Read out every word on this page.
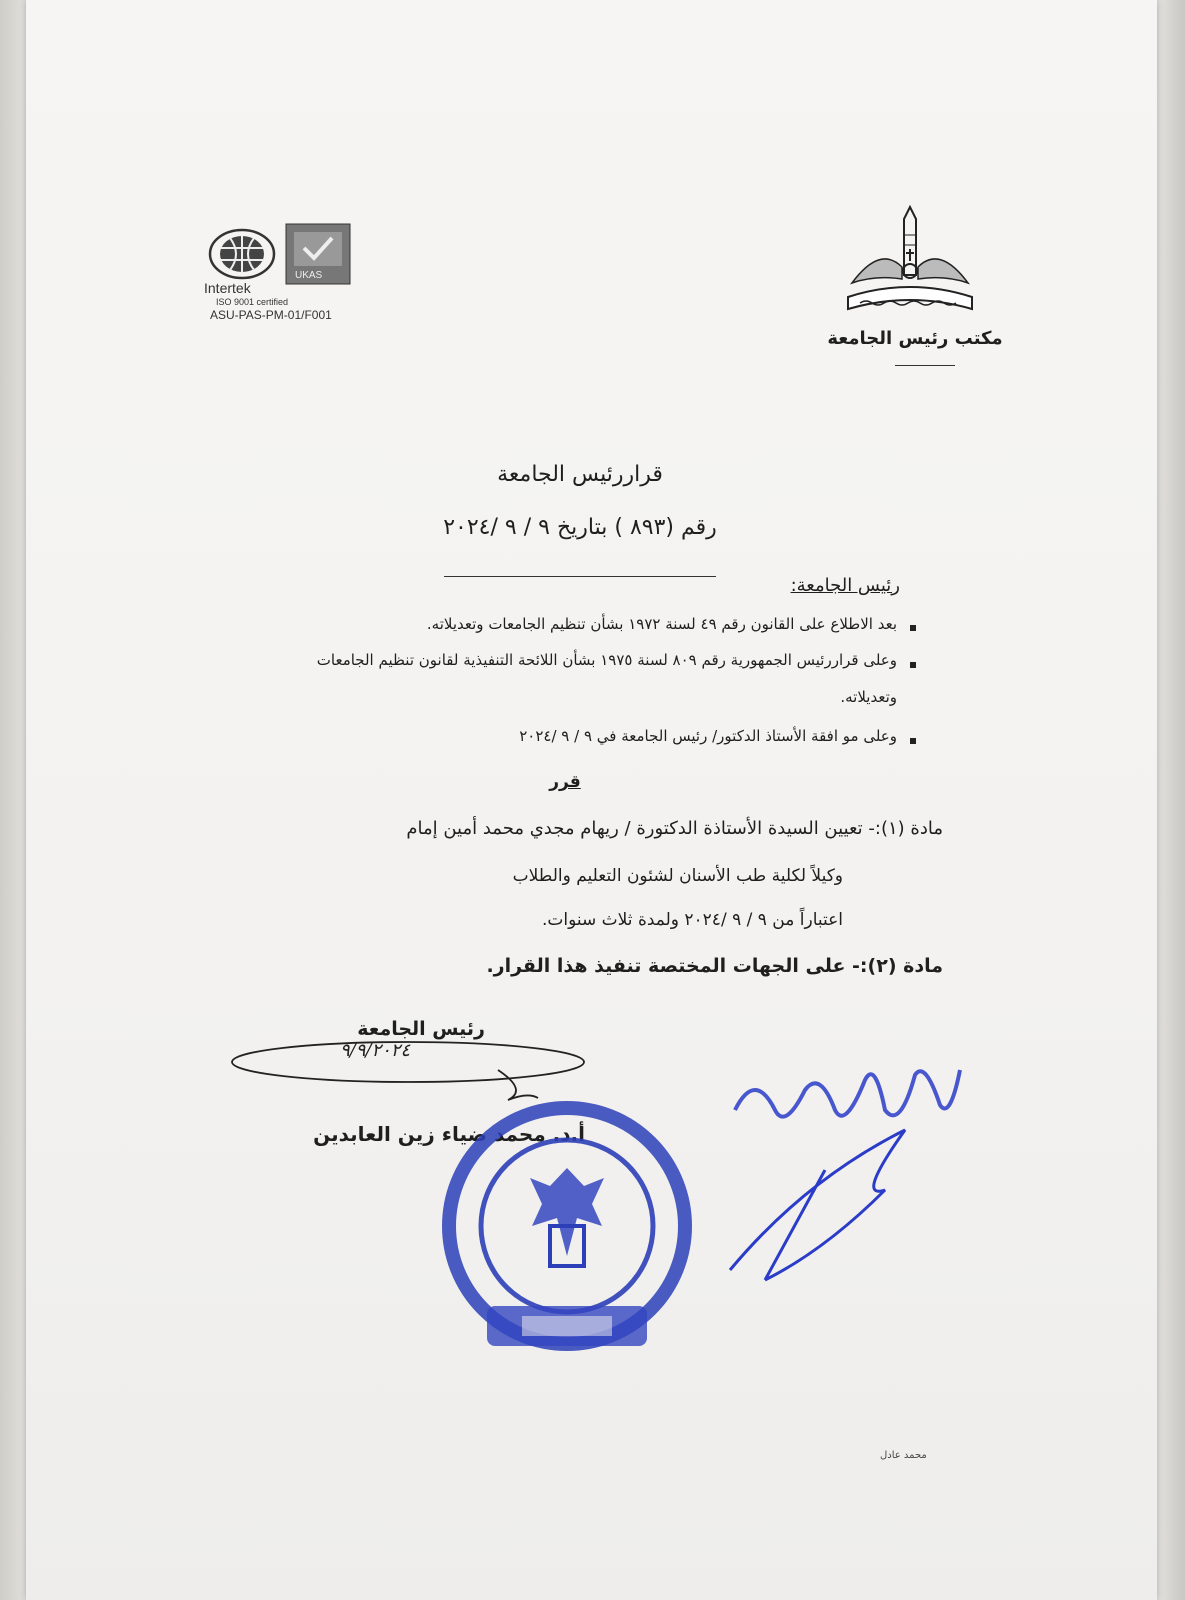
UKAS
Intertek
ISO 9001 certified
ASU-PAS-PM-01/F001
مكتب رئيس الجامعة
قراررئيس الجامعة
رقم (٨٩٣ ) بتاريخ ٩ / ٩ /٢٠٢٤
رئيس الجامعة:
بعد الاطلاع على القانون رقم ٤٩ لسنة ١٩٧٢ بشأن تنظيم الجامعات وتعديلاته.
وعلى قراررئيس الجمهورية رقم ٨٠٩ لسنة ١٩٧٥ بشأن اللائحة التنفيذية لقانون تنظيم الجامعات
وتعديلاته.
وعلى مو افقة الأستاذ الدكتور/ رئيس الجامعة في ٩ / ٩ /٢٠٢٤
قرر
مادة (١):- تعيين السيدة الأستاذة الدكتورة / ريهام مجدي محمد أمين إمام
وكيلاً لكلية طب الأسنان لشئون التعليم والطلاب
اعتباراً من ٩ / ٩ /٢٠٢٤ ولمدة ثلاث سنوات.
مادة (٢):- على الجهات المختصة تنفيذ هذا القرار.
رئيس الجامعة
٩/٩/٢٠٢٤
أ.د. محمد ضياء زين العابدين
محمد عادل
